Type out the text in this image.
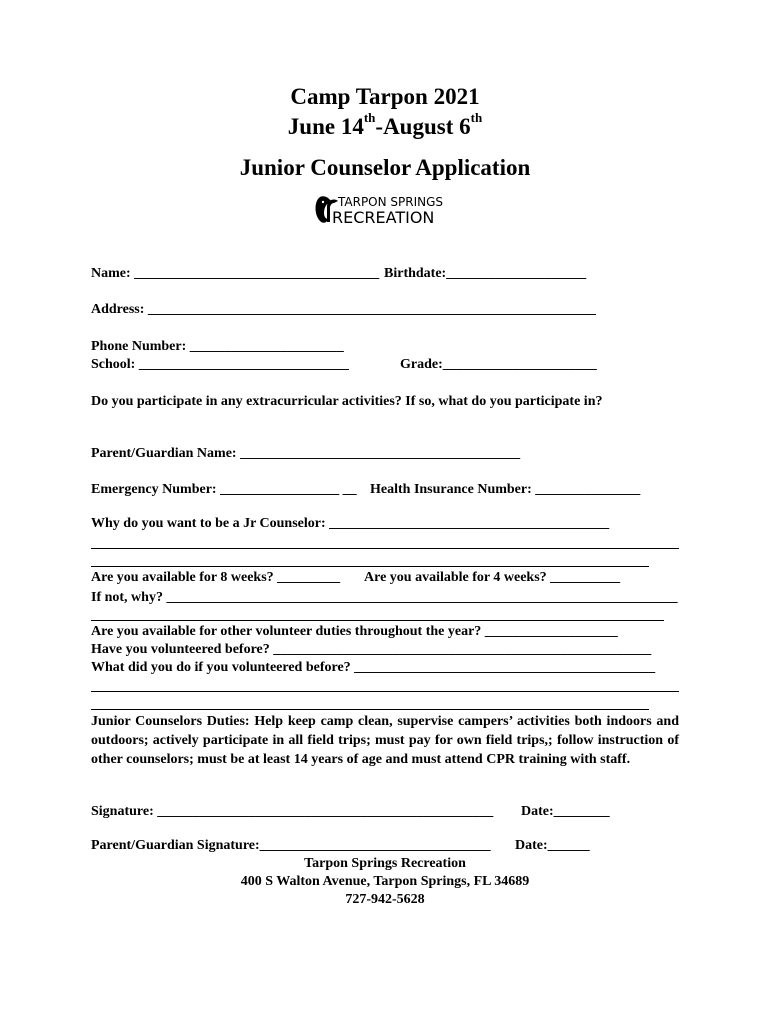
Camp Tarpon 2021
June 14th-August 6th
Junior Counselor Application
TARPON SPRINGS
RECREATION
Name: ___________________________________ Birthdate:____________________
Address: ________________________________________________________________
Phone Number: ______________________
School: ______________________________	Grade:______________________
Do you participate in any extracurricular activities? If so, what do you participate in?
Parent/Guardian Name: ________________________________________
Emergency Number: _________________ __ Health Insurance Number: _______________
Why do you want to be a Jr Counselor: ________________________________________
Are you available for 8 weeks? _________ Are you available for 4 weeks? __________
If not, why? _________________________________________________________________________
Are you available for other volunteer duties throughout the year? ___________________
Have you volunteered before? ______________________________________________________
What did you do if you volunteered before? ___________________________________________
Junior Counselors Duties: Help keep camp clean, supervise campers’ activities both indoors and outdoors; actively participate in all field trips; must pay for own field trips,; follow instruction of other counselors; must be at least 14 years of age and must attend CPR training with staff.
Signature: ________________________________________________ Date:________
Parent/Guardian Signature:_________________________________ Date:______
Tarpon Springs Recreation
400 S Walton Avenue, Tarpon Springs, FL 34689
727-942-5628
